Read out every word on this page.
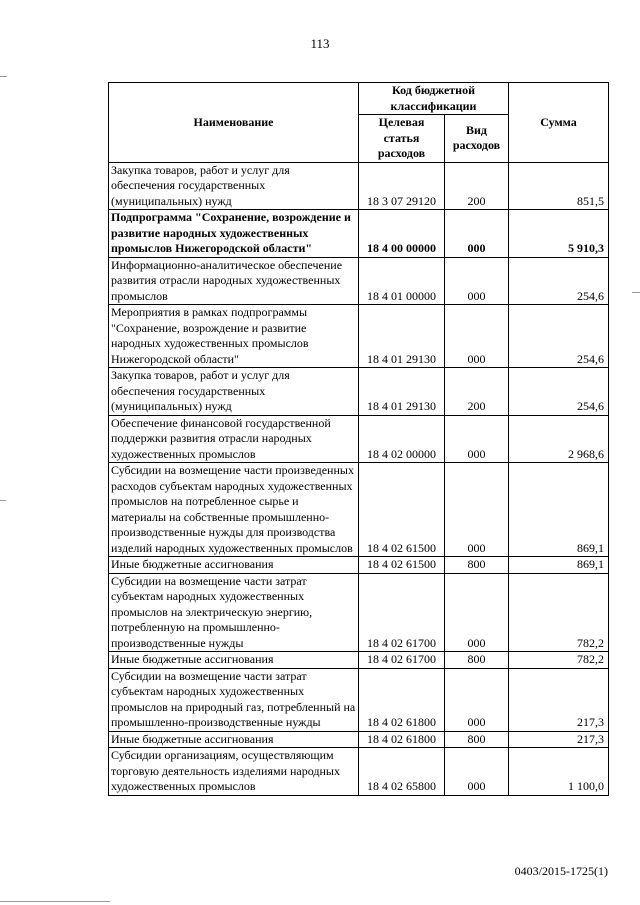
113
Наименование	Код бюджетной классификации		Сумма
	Целевая статья расходов	Вид расходов	
Закупка товаров, работ и услуг для обеспечения государственных (муниципальных) нужд	18 3 07 29120	200	851,5
Подпрограмма "Сохранение, возрождение и развитие народных художественных промыслов Нижегородской области"	18 4 00 00000	000	5 910,3
Информационно-аналитическое обеспечение развития отрасли народных художественных промыслов	18 4 01 00000	000	254,6
Мероприятия в рамках подпрограммы "Сохранение, возрождение и развитие народных художественных промыслов Нижегородской области"	18 4 01 29130	000	254,6
Закупка товаров, работ и услуг для обеспечения государственных (муниципальных) нужд	18 4 01 29130	200	254,6
Обеспечение финансовой государственной поддержки развития отрасли народных художественных промыслов	18 4 02 00000	000	2 968,6
Субсидии на возмещение части произведенных расходов субъектам народных художественных промыслов на потребленное сырье и материалы на собственные промышленно-производственные нужды для производства изделий народных художественных промыслов	18 4 02 61500	000	869,1
Иные бюджетные ассигнования	18 4 02 61500	800	869,1
Субсидии на возмещение части затрат субъектам народных художественных промыслов на электрическую энергию, потребленную на промышленно-производственные нужды	18 4 02 61700	000	782,2
Иные бюджетные ассигнования	18 4 02 61700	800	782,2
Субсидии на возмещение части затрат субъектам народных художественных промыслов на природный газ, потребленный на промышленно-производственные нужды	18 4 02 61800	000	217,3
Иные бюджетные ассигнования	18 4 02 61800	800	217,3
Субсидии организациям, осуществляющим торговую деятельность изделиями народных художественных промыслов	18 4 02 65800	000	1 100,0
0403/2015-1725(1)
